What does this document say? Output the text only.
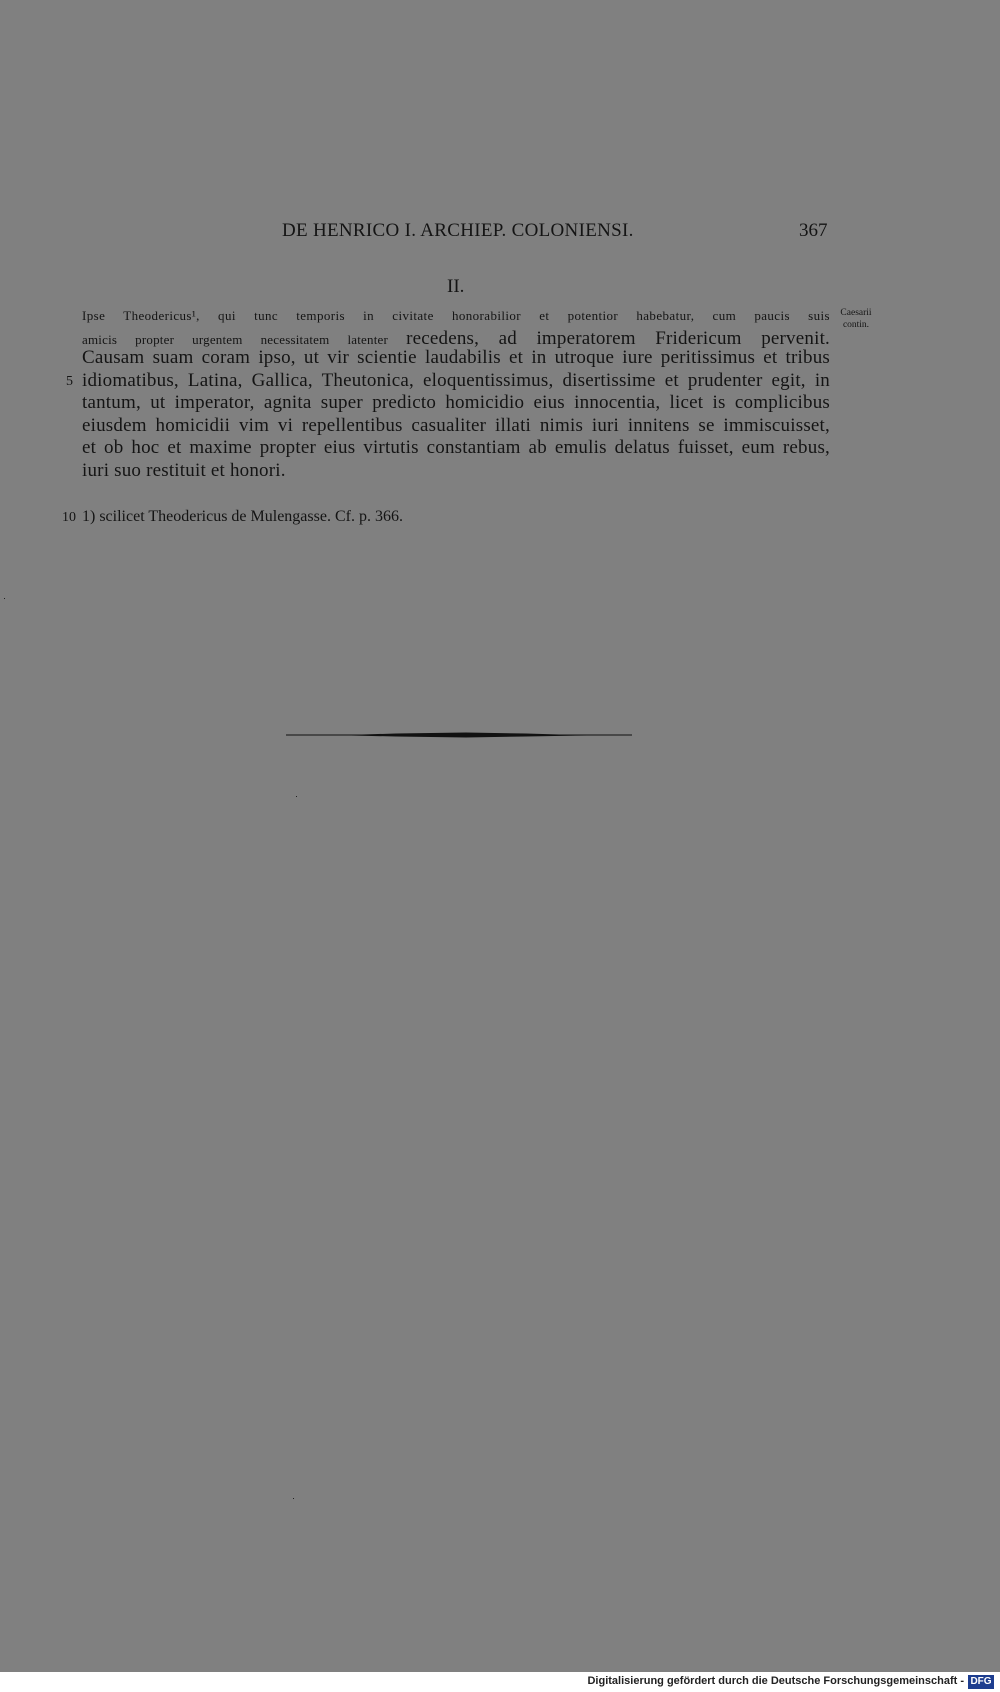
DE HENRICO I. ARCHIEP. COLONIENSI.	367
II.
Caesarii contin.
Ipse Theodericus¹, qui tunc temporis in civitate honorabilior et potentior habebatur, cum paucis suis
amicis propter urgentem necessitatem latenter recedens, ad imperatorem Fridericum pervenit.
Causam suam coram ipso, ut vir scientie laudabilis et in utroque iure peritissimus et tribus
5 idiomatibus, Latina, Gallica, Theutonica, eloquentissimus, disertissime et prudenter egit, in
tantum, ut imperator, agnita super predicto homicidio eius innocentia, licet is complicibus
eiusdem homicidii vim vi repellentibus casualiter illati nimis iuri innitens se immiscuisset,
et ob hoc et maxime propter eius virtutis constantiam ab emulis delatus fuisset, eum rebus,
iuri suo restituit et honori.
10 1) scilicet Theodericus de Mulengasse. Cf. p. 366.
Digitalisierung gefördert durch die Deutsche Forschungsgemeinschaft - DFG
